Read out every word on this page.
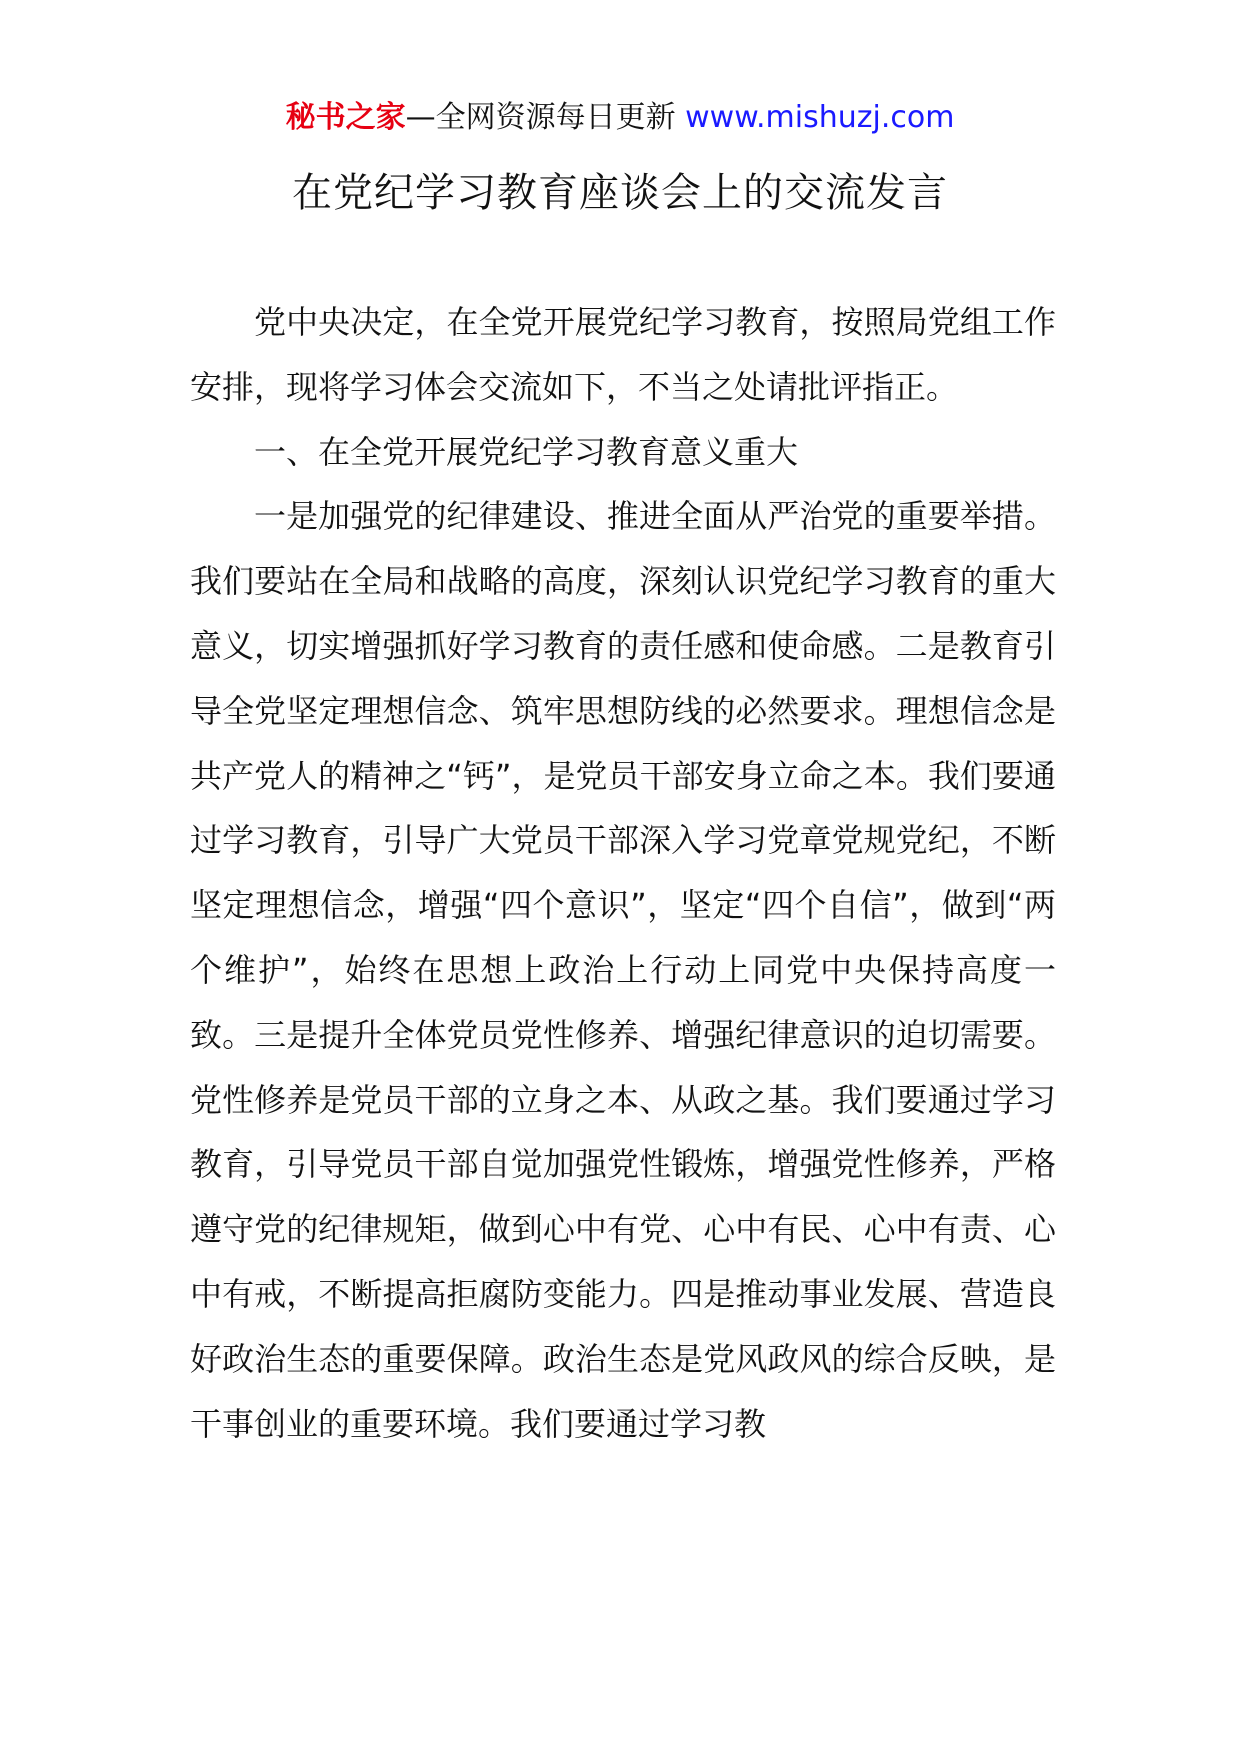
秘书之家—全网资源每日更新 www.mishuzj.com
在党纪学习教育座谈会上的交流发言

党中央决定，在全党开展党纪学习教育，按照局党组工作安排，现将学习体会交流如下，不当之处请批评指正。

一、在全党开展党纪学习教育意义重大

一是加强党的纪律建设、推进全面从严治党的重要举措。我们要站在全局和战略的高度，深刻认识党纪学习教育的重大意义，切实增强抓好学习教育的责任感和使命感。二是教育引导全党坚定理想信念、筑牢思想防线的必然要求。理想信念是共产党人的精神之“钙”，是党员干部安身立命之本。我们要通过学习教育，引导广大党员干部深入学习党章党规党纪，不断坚定理想信念，增强“四个意识”，坚定“四个自信”，做到“两个维护”，始终在思想上政治上行动上同党中央保持高度一致。三是提升全体党员党性修养、增强纪律意识的迫切需要。党性修养是党员干部的立身之本、从政之基。我们要通过学习教育，引导党员干部自觉加强党性锻炼，增强党性修养，严格遵守党的纪律规矩，做到心中有党、心中有民、心中有责、心中有戒，不断提高拒腐防变能力。四是推动事业发展、营造良好政治生态的重要保障。政治生态是党风政风的综合反映，是干事创业的重要环境。我们要通过学习教
